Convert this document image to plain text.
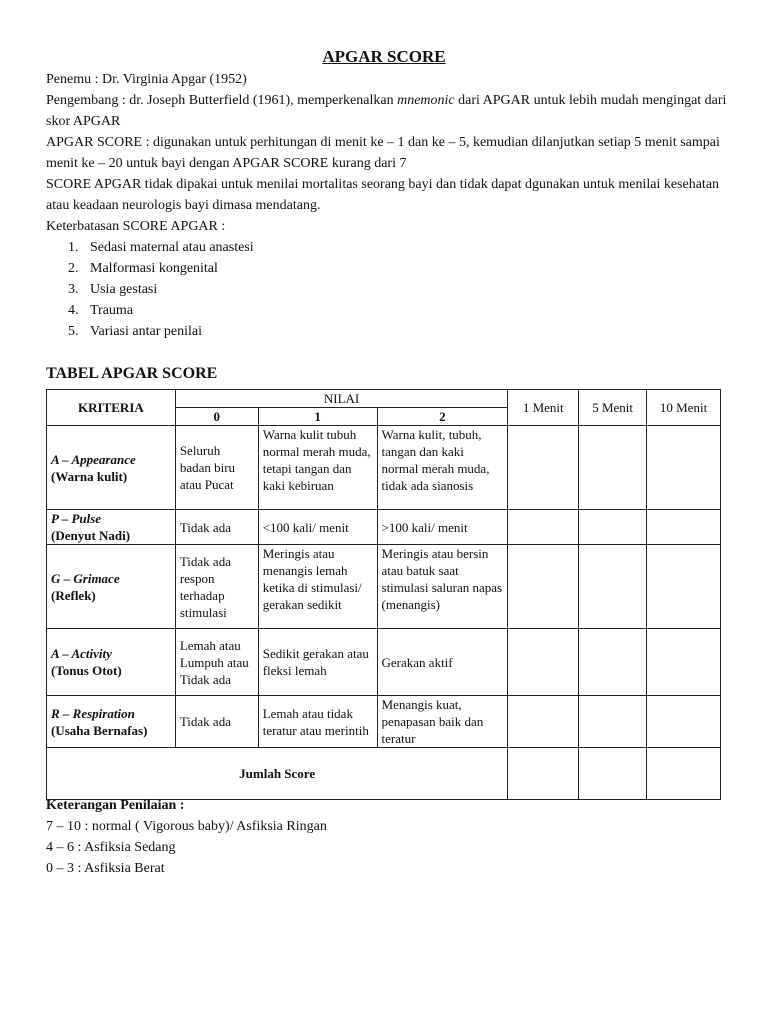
APGAR SCORE

Penemu : Dr. Virginia Apgar (1952)

Pengembang : dr. Joseph Butterfield (1961), memperkenalkan mnemonic dari APGAR untuk lebih mudah mengingat dari skor APGAR

APGAR SCORE : digunakan untuk perhitungan di menit ke – 1 dan ke – 5, kemudian dilanjutkan setiap 5 menit sampai menit ke – 20 untuk bayi dengan APGAR SCORE kurang dari 7

SCORE APGAR tidak dipakai untuk menilai mortalitas seorang bayi dan tidak dapat dgunakan untuk menilai kesehatan atau keadaan neurologis bayi dimasa mendatang.

Keterbatasan SCORE APGAR :

1. Sedasi maternal atau anastesi
2. Malformasi kongenital
3. Usia gestasi
4. Trauma
5. Variasi antar penilai
TABEL APGAR SCORE
KRITERIA	NILAI			1 Menit	5 Menit	10 Menit
	0	1	2			

A – Appearance
(Warna kulit)	Seluruh badan biru atau Pucat	Warna kulit tubuh normal merah muda, tetapi tangan dan kaki kebiruan	Warna kulit, tubuh, tangan dan kaki normal merah muda, tidak ada sianosis			

P – Pulse
(Denyut Nadi)	Tidak ada	<100 kali/ menit	>100 kali/ menit			

G – Grimace
(Reflek)	Tidak ada respon terhadap stimulasi	Meringis atau menangis lemah ketika di stimulasi/ gerakan sedikit	Meringis atau bersin atau batuk saat stimulasi saluran napas (menangis)			

A – Activity
(Tonus Otot)	Lemah atau Lumpuh atau Tidak ada	Sedikit gerakan atau fleksi lemah	Gerakan aktif			

R – Respiration
(Usaha Bernafas)	Tidak ada	Lemah atau tidak teratur atau merintih	Menangis kuat, penapasan baik dan teratur			
Jumlah Score						

Keterangan Penilaian :

7 – 10 : normal ( Vigorous baby)/ Asfiksia Ringan

4 – 6 : Asfiksia Sedang

0 – 3 : Asfiksia Berat
